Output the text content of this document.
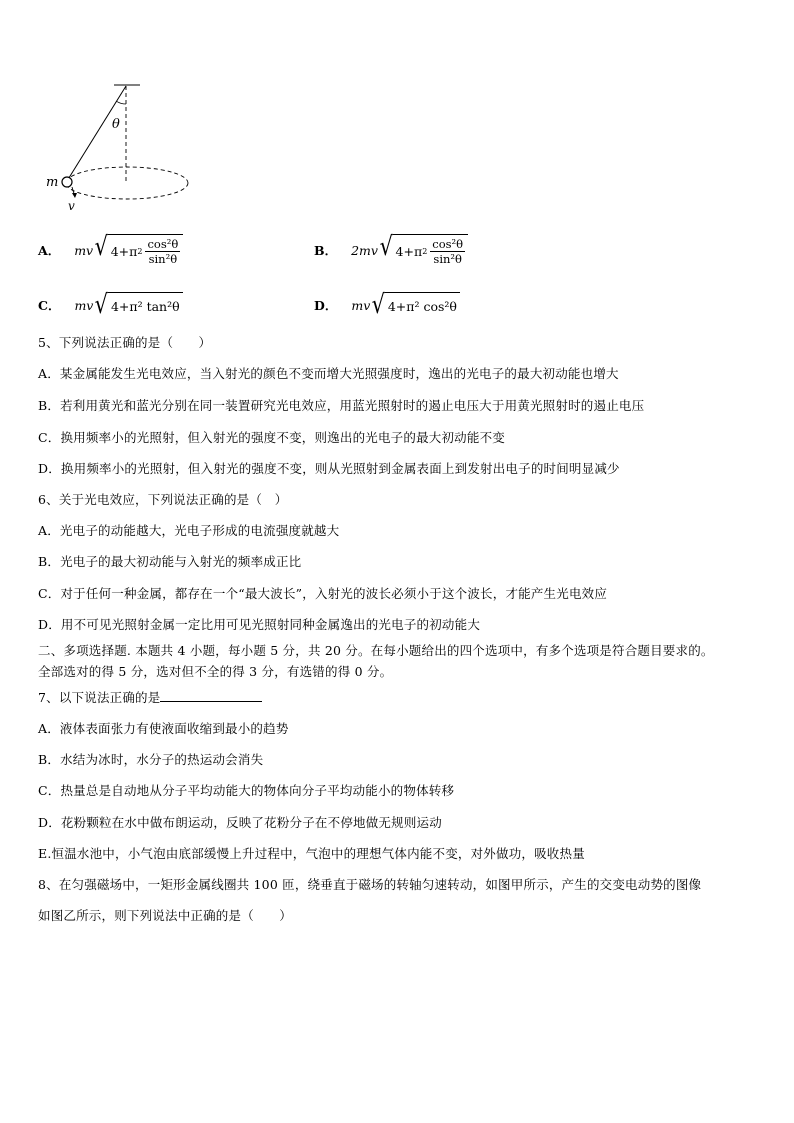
θ
m
v
A． mv √ 4+π $2 \frac{\text{cos²θ}}{\text{sin²θ}}$	B． 2mv √ 4+π $2 \frac{\text{cos²θ}}{\text{sin²θ}}$
C． mv √ 4+π² tan²θ	D． mv √ 4+π² cos²θ
5、下列说法正确的是（　　）
A．某金属能发生光电效应，当入射光的颜色不变而增大光照强度时，逸出的光电子的最大初动能也增大
B．若利用黄光和蓝光分别在同一装置研究光电效应，用蓝光照射时的遏止电压大于用黄光照射时的遏止电压
C．换用频率小的光照射，但入射光的强度不变，则逸出的光电子的最大初动能不变
D．换用频率小的光照射，但入射光的强度不变，则从光照射到金属表面上到发射出电子的时间明显减少
6、关于光电效应，下列说法正确的是（　）
A．光电子的动能越大，光电子形成的电流强度就越大
B．光电子的最大初动能与入射光的频率成正比
C．对于任何一种金属，都存在一个“最大波长”，入射光的波长必须小于这个波长，才能产生光电效应
D．用不可见光照射金属一定比用可见光照射同种金属逸出的光电子的初动能大
二、多项选择题. 本题共 4 小题，每小题 5 分，共 20 分。在每小题给出的四个选项中，有多个选项是符合题目要求的。
全部选对的得 5 分，选对但不全的得 3 分，有选错的得 0 分。
7、以下说法正确的是
A．液体表面张力有使液面收缩到最小的趋势
B．水结为冰时，水分子的热运动会消失
C．热量总是自动地从分子平均动能大的物体向分子平均动能小的物体转移
D．花粉颗粒在水中做布朗运动，反映了花粉分子在不停地做无规则运动
E.恒温水池中，小气泡由底部缓慢上升过程中，气泡中的理想气体内能不变，对外做功，吸收热量
8、在匀强磁场中，一矩形金属线圈共 100 匝，绕垂直于磁场的转轴匀速转动，如图甲所示，产生的交变电动势的图像
如图乙所示，则下列说法中正确的是（　　）
